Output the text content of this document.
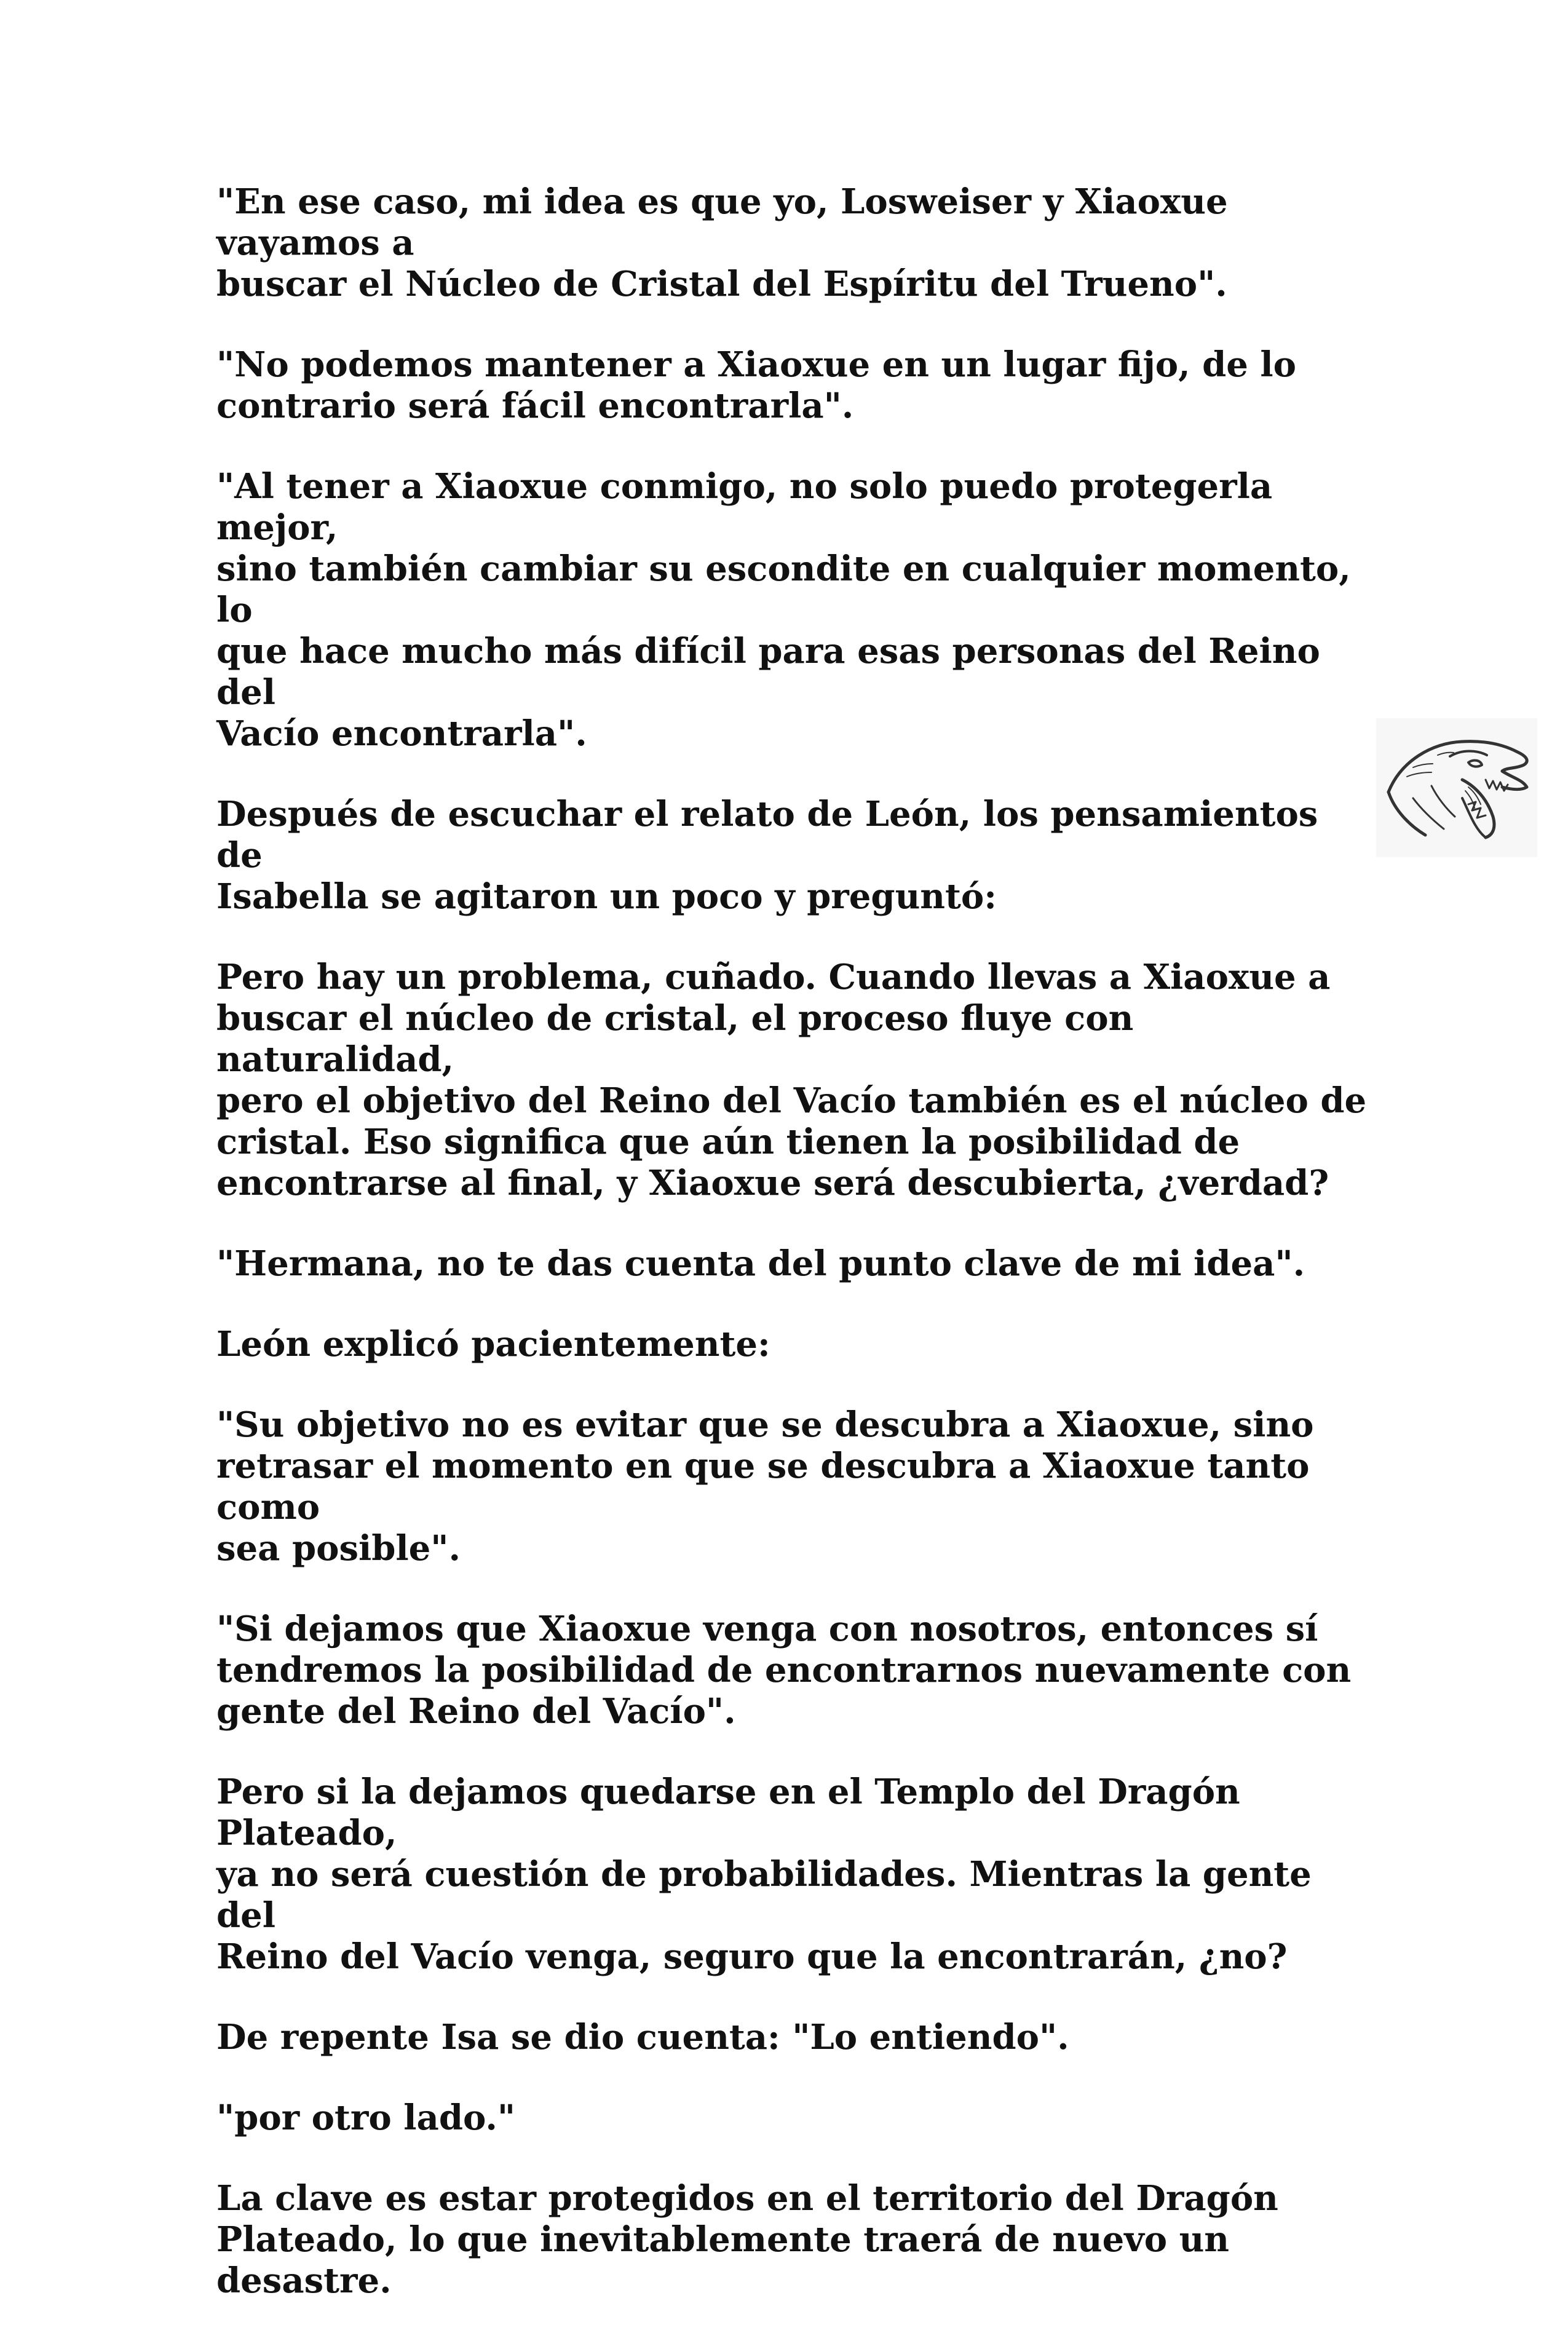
"En ese caso, mi idea es que yo, Losweiser y Xiaoxue vayamos a
buscar el Núcleo de Cristal del Espíritu del Trueno".

"No podemos mantener a Xiaoxue en un lugar fijo, de lo
contrario será fácil encontrarla".

"Al tener a Xiaoxue conmigo, no solo puedo protegerla mejor,
sino también cambiar su escondite en cualquier momento, lo
que hace mucho más difícil para esas personas del Reino del
Vacío encontrarla".

Después de escuchar el relato de León, los pensamientos de
Isabella se agitaron un poco y preguntó:

Pero hay un problema, cuñado. Cuando llevas a Xiaoxue a
buscar el núcleo de cristal, el proceso fluye con naturalidad,
pero el objetivo del Reino del Vacío también es el núcleo de
cristal. Eso significa que aún tienen la posibilidad de
encontrarse al final, y Xiaoxue será descubierta, ¿verdad?

"Hermana, no te das cuenta del punto clave de mi idea".

León explicó pacientemente:

"Su objetivo no es evitar que se descubra a Xiaoxue, sino
retrasar el momento en que se descubra a Xiaoxue tanto como
sea posible".

"Si dejamos que Xiaoxue venga con nosotros, entonces sí
tendremos la posibilidad de encontrarnos nuevamente con
gente del Reino del Vacío".

Pero si la dejamos quedarse en el Templo del Dragón Plateado,
ya no será cuestión de probabilidades. Mientras la gente del
Reino del Vacío venga, seguro que la encontrarán, ¿no?

De repente Isa se dio cuenta: "Lo entiendo".

"por otro lado."

La clave es estar protegidos en el territorio del Dragón
Plateado, lo que inevitablemente traerá de nuevo un desastre.
